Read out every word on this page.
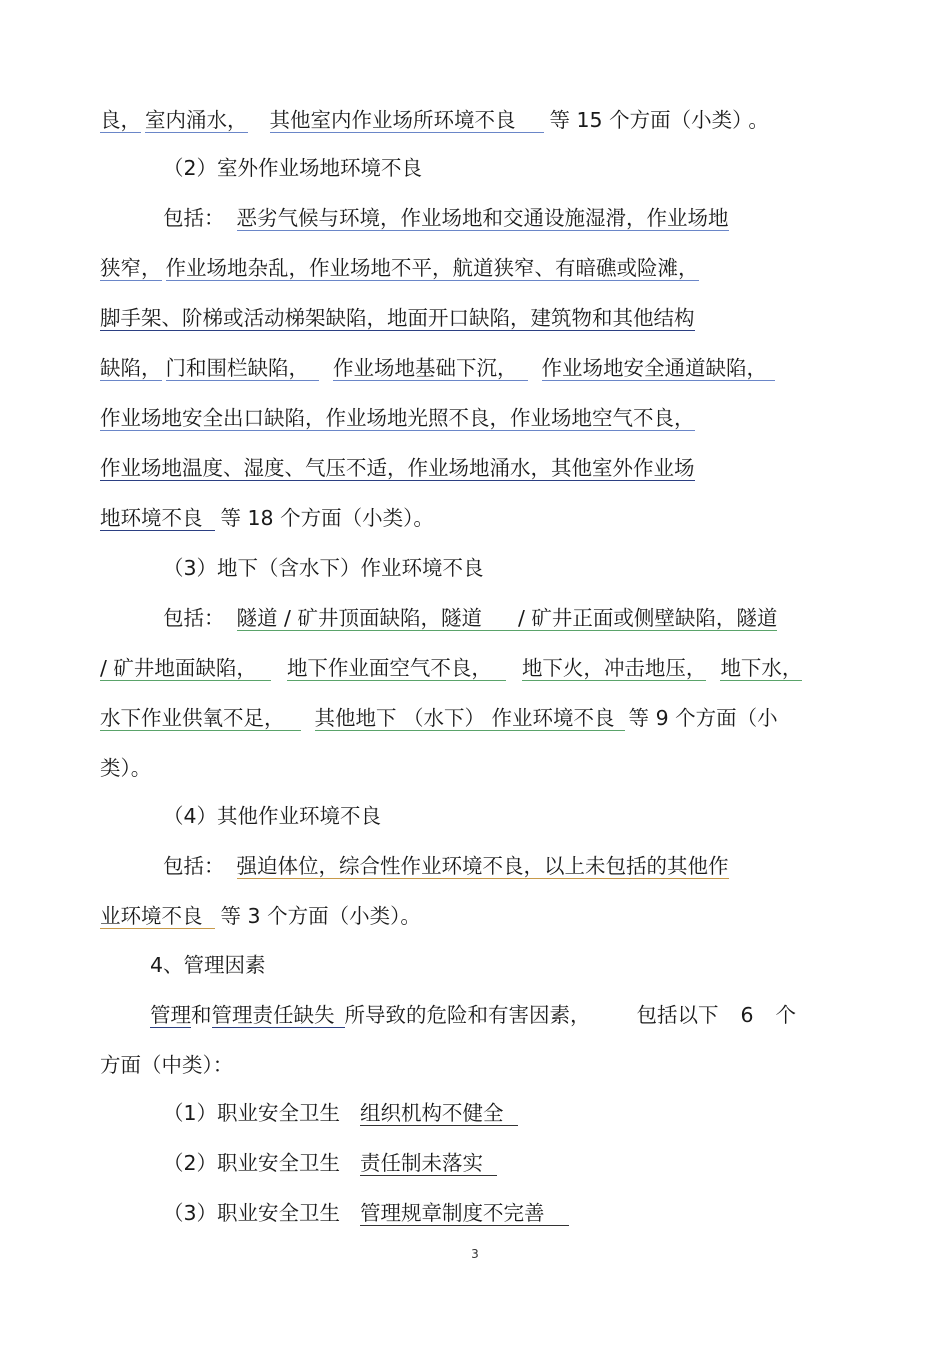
良， 室内涌水， 其他室内作业场所环境不良 等 15 个方面（小类） 。
（2）室外作业场地环境不良
包括： 恶劣气候与环境，作业场地和交通设施湿滑，作业场地
狭窄， 作业场地杂乱，作业场地不平，航道狭窄、有暗礁或险滩，
脚手架、阶梯或活动梯架缺陷，地面开口缺陷，建筑物和其他结构
缺陷， 门和围栏缺陷， 作业场地基础下沉， 作业场地安全通道缺陷，
作业场地安全出口缺陷，作业场地光照不良，作业场地空气不良，
作业场地温度、湿度、气压不适，作业场地涌水，其他室外作业场
地环境不良 等 18 个方面（小类）。
（3）地下（含水下）作业环境不良
包括： 隧道 / 矿井顶面缺陷，隧道 / 矿井正面或侧壁缺陷，隧道
/ 矿井地面缺陷， 地下作业面空气不良， 地下火，冲击地压， 地下水，
水下作业供氧不足， 其他地下 （水下） 作业环境不良 等 9 个方面（小
类）。
（4）其他作业环境不良
包括： 强迫体位，综合性作业环境不良，以上未包括的其他作
业环境不良 等 3 个方面（小类）。
4、管理因素
管理和管理责任缺失 所导致的危险和有害因素， 包括以下 6 个
方面（中类）：
（1）职业安全卫生 组织机构不健全
（2）职业安全卫生 责任制未落实
（3）职业安全卫生 管理规章制度不完善
3
